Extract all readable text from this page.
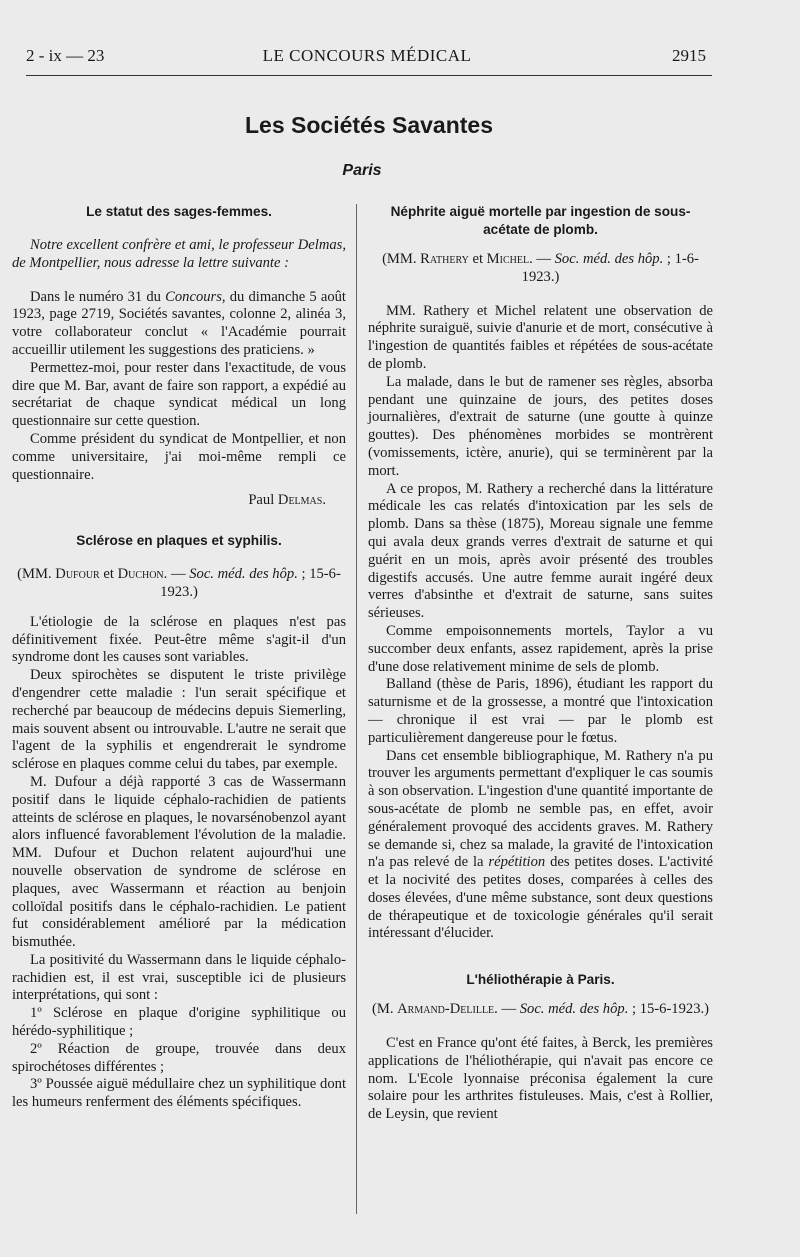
2 - ix — 23	LE CONCOURS MÉDICAL	2915
Les Sociétés Savantes
Paris
Le statut des sages-femmes.

Notre excellent confrère et ami, le professeur Delmas, de Montpellier, nous adresse la lettre suivante :

Dans le numéro 31 du Concours, du dimanche 5 août 1923, page 2719, Sociétés savantes, colonne 2, alinéa 3, votre collaborateur conclut « l'Académie pourrait accueillir utilement les suggestions des praticiens. »

Permettez-moi, pour rester dans l'exactitude, de vous dire que M. Bar, avant de faire son rapport, a expédié au secrétariat de chaque syndicat médical un long questionnaire sur cette question.

Comme président du syndicat de Montpellier, et non comme universitaire, j'ai moi-même rempli ce questionnaire.

Paul Delmas.

Sclérose en plaques et syphilis.

(MM. Dufour et Duchon. — Soc. méd. des hôp. ; 15-6-1923.)

L'étiologie de la sclérose en plaques n'est pas définitivement fixée. Peut-être même s'agit-il d'un syndrome dont les causes sont variables.

Deux spirochètes se disputent le triste privilège d'engendrer cette maladie : l'un serait spécifique et recherché par beaucoup de médecins depuis Siemerling, mais souvent absent ou introuvable. L'autre ne serait que l'agent de la syphilis et engendrerait le syndrome sclérose en plaques comme celui du tabes, par exemple.

M. Dufour a déjà rapporté 3 cas de Wassermann positif dans le liquide céphalo-rachidien de patients atteints de sclérose en plaques, le novarsénobenzol ayant alors influencé favorablement l'évolution de la maladie. MM. Dufour et Duchon relatent aujourd'hui une nouvelle observation de syndrome de sclérose en plaques, avec Wassermann et réaction au benjoin colloïdal positifs dans le céphalo-rachidien. Le patient fut considérablement amélioré par la médication bismuthée.

La positivité du Wassermann dans le liquide céphalo-rachidien est, il est vrai, susceptible ici de plusieurs interprétations, qui sont :

1º Sclérose en plaque d'origine syphilitique ou hérédo-syphilitique ;

2º Réaction de groupe, trouvée dans deux spirochétoses différentes ;

3º Poussée aiguë médullaire chez un syphilitique dont les humeurs renferment des éléments spécifiques.

Néphrite aiguë mortelle par ingestion de sous-acétate de plomb.

(MM. Rathery et Michel. — Soc. méd. des hôp. ; 1-6-1923.)

MM. Rathery et Michel relatent une observation de néphrite suraiguë, suivie d'anurie et de mort, consécutive à l'ingestion de quantités faibles et répétées de sous-acétate de plomb.

La malade, dans le but de ramener ses règles, absorba pendant une quinzaine de jours, des petites doses journalières, d'extrait de saturne (une goutte à quinze gouttes). Des phénomènes morbides se montrèrent (vomissements, ictère, anurie), qui se terminèrent par la mort.

A ce propos, M. Rathery a recherché dans la littérature médicale les cas relatés d'intoxication par les sels de plomb. Dans sa thèse (1875), Moreau signale une femme qui avala deux grands verres d'extrait de saturne et qui guérit en un mois, après avoir présenté des troubles digestifs accusés. Une autre femme aurait ingéré deux verres d'absinthe et d'extrait de saturne, sans suites sérieuses.

Comme empoisonnements mortels, Taylor a vu succomber deux enfants, assez rapidement, après la prise d'une dose relativement minime de sels de plomb.

Balland (thèse de Paris, 1896), étudiant les rapport du saturnisme et de la grossesse, a montré que l'intoxication — chronique il est vrai — par le plomb est particulièrement dangereuse pour le fœtus.

Dans cet ensemble bibliographique, M. Rathery n'a pu trouver les arguments permettant d'expliquer le cas soumis à son observation. L'ingestion d'une quantité importante de sous-acétate de plomb ne semble pas, en effet, avoir généralement provoqué des accidents graves. M. Rathery se demande si, chez sa malade, la gravité de l'intoxication n'a pas relevé de la répétition des petites doses. L'activité et la nocivité des petites doses, comparées à celles des doses élevées, d'une même substance, sont deux questions de thérapeutique et de toxicologie générales qu'il serait intéressant d'élucider.

L'héliothérapie à Paris.

(M. Armand-Delille. — Soc. méd. des hôp. ; 15-6-1923.)

C'est en France qu'ont été faites, à Berck, les premières applications de l'héliothérapie, qui n'avait pas encore ce nom. L'Ecole lyonnaise préconisa également la cure solaire pour les arthrites fistuleuses. Mais, c'est à Rollier, de Leysin, que revient
